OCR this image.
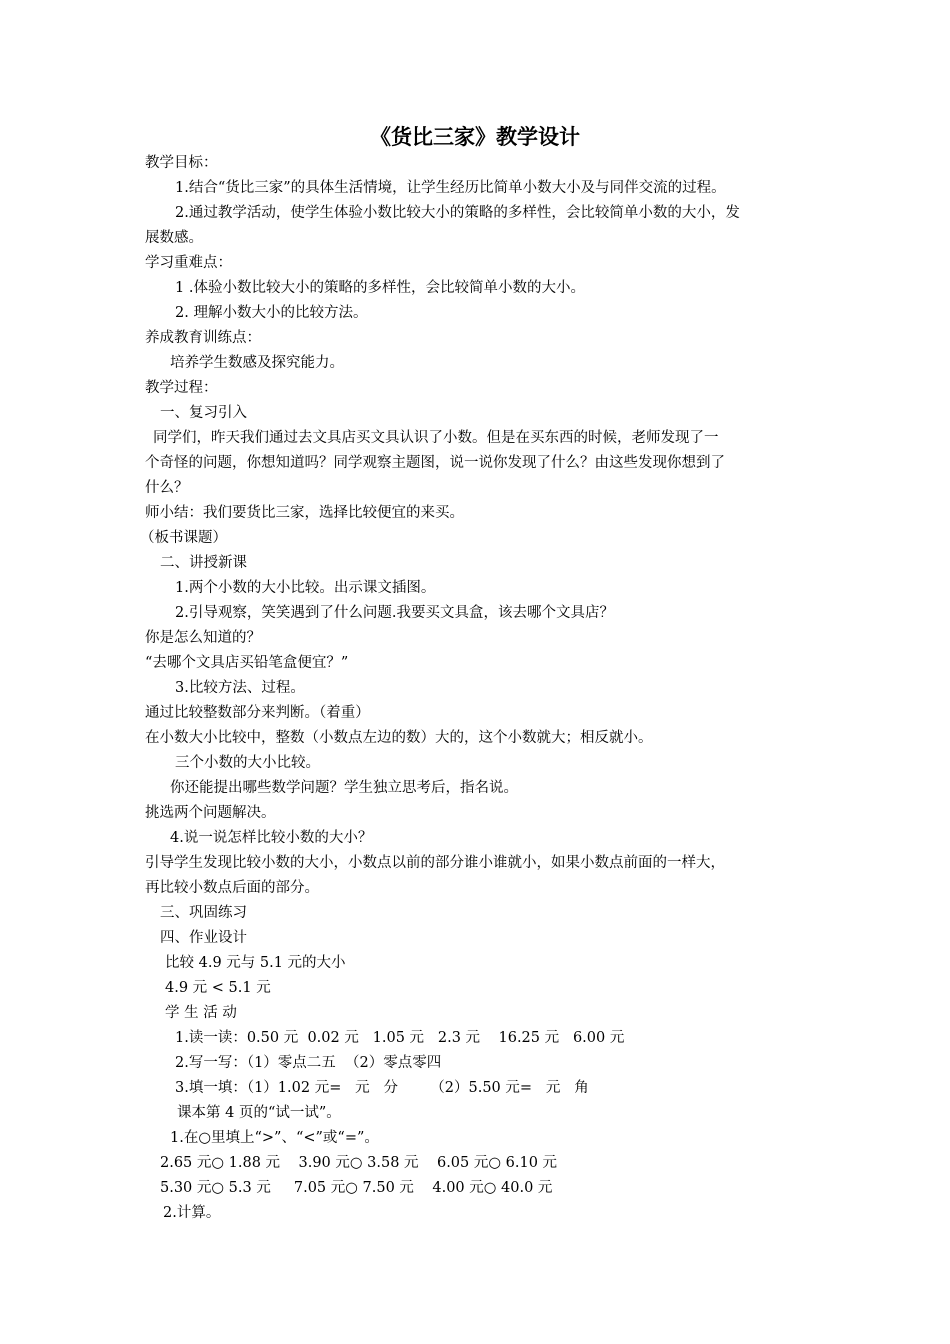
《货比三家》教学设计

教学目标：

1.结合“货比三家”的具体生活情境，让学生经历比简单小数大小及与同伴交流的过程。

2.通过教学活动，使学生体验小数比较大小的策略的多样性，会比较简单小数的大小，发

展数感。

学习重难点：

1 .体验小数比较大小的策略的多样性，会比较简单小数的大小。

2. 理解小数大小的比较方法。

养成教育训练点：

培养学生数感及探究能力。

教学过程：

一、复习引入

同学们，昨天我们通过去文具店买文具认识了小数。但是在买东西的时候，老师发现了一

个奇怪的问题，你想知道吗？同学观察主题图，说一说你发现了什么？由这些发现你想到了

什么？

师小结：我们要货比三家，选择比较便宜的来买。

（板书课题）

二、讲授新课

1.两个小数的大小比较。出示课文插图。

2.引导观察，笑笑遇到了什么问题.我要买文具盒，该去哪个文具店？

你是怎么知道的？

“去哪个文具店买铅笔盒便宜？”

3.比较方法、过程。

通过比较整数部分来判断。（着重）

在小数大小比较中，整数（小数点左边的数）大的，这个小数就大；相反就小。

三个小数的大小比较。

你还能提出哪些数学问题？学生独立思考后，指名说。

挑选两个问题解决。

4.说一说怎样比较小数的大小？

引导学生发现比较小数的大小，小数点以前的部分谁小谁就小，如果小数点前面的一样大，

再比较小数点后面的部分。

三、巩固练习

四、作业设计

比较 4.9 元与 5.1 元的大小

4.9 元 < 5.1 元

学 生 活 动

1.读一读：0.50 元  0.02 元   1.05 元   2.3 元    16.25 元   6.00 元

2.写一写：（1）零点二五  （2）零点零四

3.填一填：（1）1.02 元=   元   分       （2）5.50 元=   元   角

课本第 4 页的“试一试”。

1.在○里填上“>”、“<”或“=”。

2.65 元○ 1.88 元    3.90 元○ 3.58 元    6.05 元○ 6.10 元

5.30 元○ 5.3 元     7.05 元○ 7.50 元    4.00 元○ 40.0 元

2.计算。
